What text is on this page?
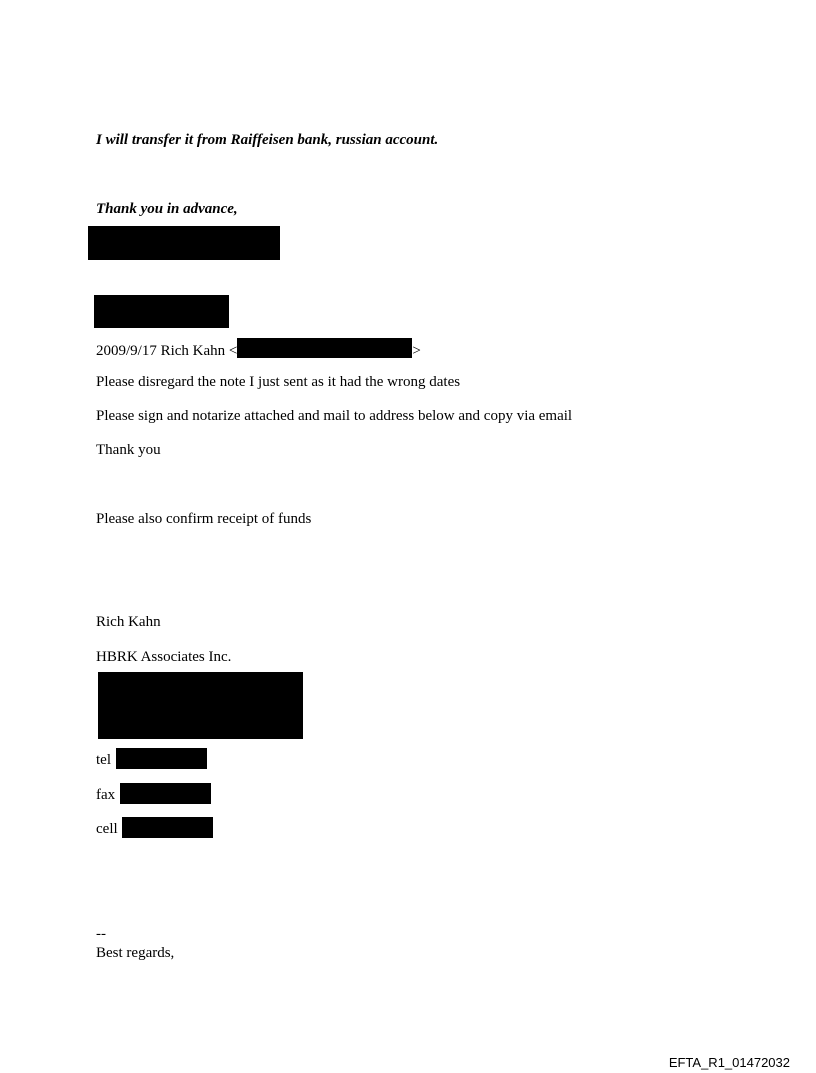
I will transfer it from Raiffeisen bank, russian account.
Thank you in advance,
2009/9/17 Rich Kahn <	>
Please disregard the note I just sent as it had the wrong dates
Please sign and notarize attached and mail to address below and copy via email
Thank you
Please also confirm receipt of funds
Rich Kahn
HBRK Associates Inc.
tel
fax
cell
--
Best regards,
EFTA_R1_01472032
